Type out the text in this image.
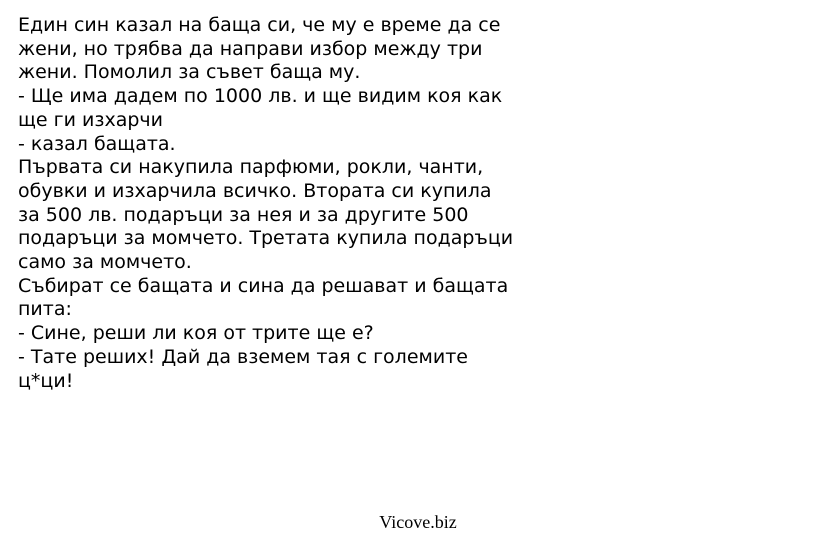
Един син казал на баща си, че му е време да се
жени, но трябва да направи избор между три
жени. Помолил за съвет баща му.
- Ще има дадем по 1000 лв. и ще видим коя как
ще ги изхарчи
- казал бащата.
Първата си накупила парфюми, рокли, чанти,
обувки и изхарчила всичко. Втората си купила
за 500 лв. подаръци за нея и за другите 500
подаръци за момчето. Третата купила подаръци
само за момчето.
Събират се бащата и сина да решават и бащата
пита:
- Сине, реши ли коя от трите ще е?
- Тате реших! Дай да вземем тая с големите
ц*ци!
Vicove.biz
